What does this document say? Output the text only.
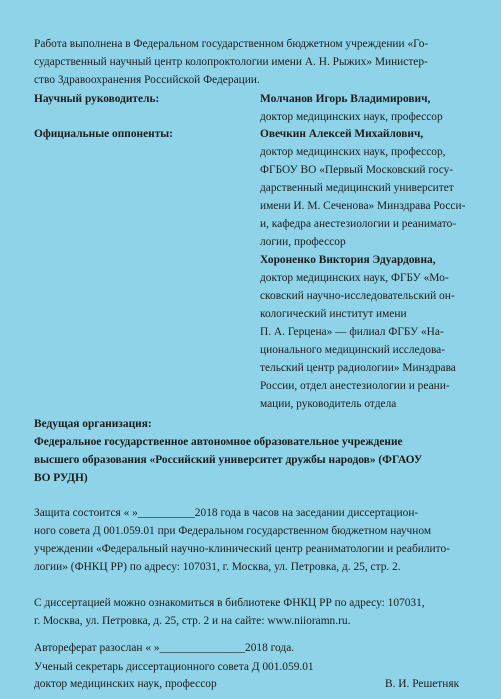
Работа выполнена в Федеральном государственном бюджетном учреждении «Го-
сударственный научный центр колопроктологии имени А. Н. Рыжих» Министер-
ство Здравоохранения Российской Федерации.
Научный руководитель:	Молчанов Игорь Владимирович,
доктор медицинских наук, профессор
Официальные оппоненты:	Овечкин Алексей Михайлович,
доктор медицинских наук, профессор,
ФГБОУ ВО «Первый Московский госу-
дарственный медицинский университет
имени И. М. Сеченова» Минздрава Росси-
и, кафедра анестезиологии и реанимато-
логии, профессор
Хороненко Виктория Эдуардовна,
доктор медицинских наук, ФГБУ «Мо-
сковский научно-исследовательский он-
кологический институт имени
П. А. Герцена» — филиал ФГБУ «На-
ционального медицинский исследова-
тельский центр радиологии» Минздрава
России, отдел анестезиологии и реани-
мации, руководитель отдела
Ведущая организация:
Федеральное государственное автономное образовательное учреждение
высшего образования «Российский университет дружбы народов» (ФГАОУ
ВО РУДН)
Защита состоится « »__________2018 года в часов на заседании диссертацион-
ного совета Д 001.059.01 при Федеральном государственном бюджетном научном
учреждении «Федеральный научно-клинический центр реаниматологии и реабилито-
логии» (ФНКЦ РР) по адресу: 107031, г. Москва, ул. Петровка, д. 25, стр. 2.
С диссертацией можно ознакомиться в библиотеке ФНКЦ РР по адресу: 107031,
г. Москва, ул. Петровка, д. 25, стр. 2 и на сайте: www.niioramn.ru.
Автореферат разослан « »_______________2018 года.
Ученый секретарь диссертационного совета Д 001.059.01
доктор медицинских наук, профессор	В. И. Решетняк
